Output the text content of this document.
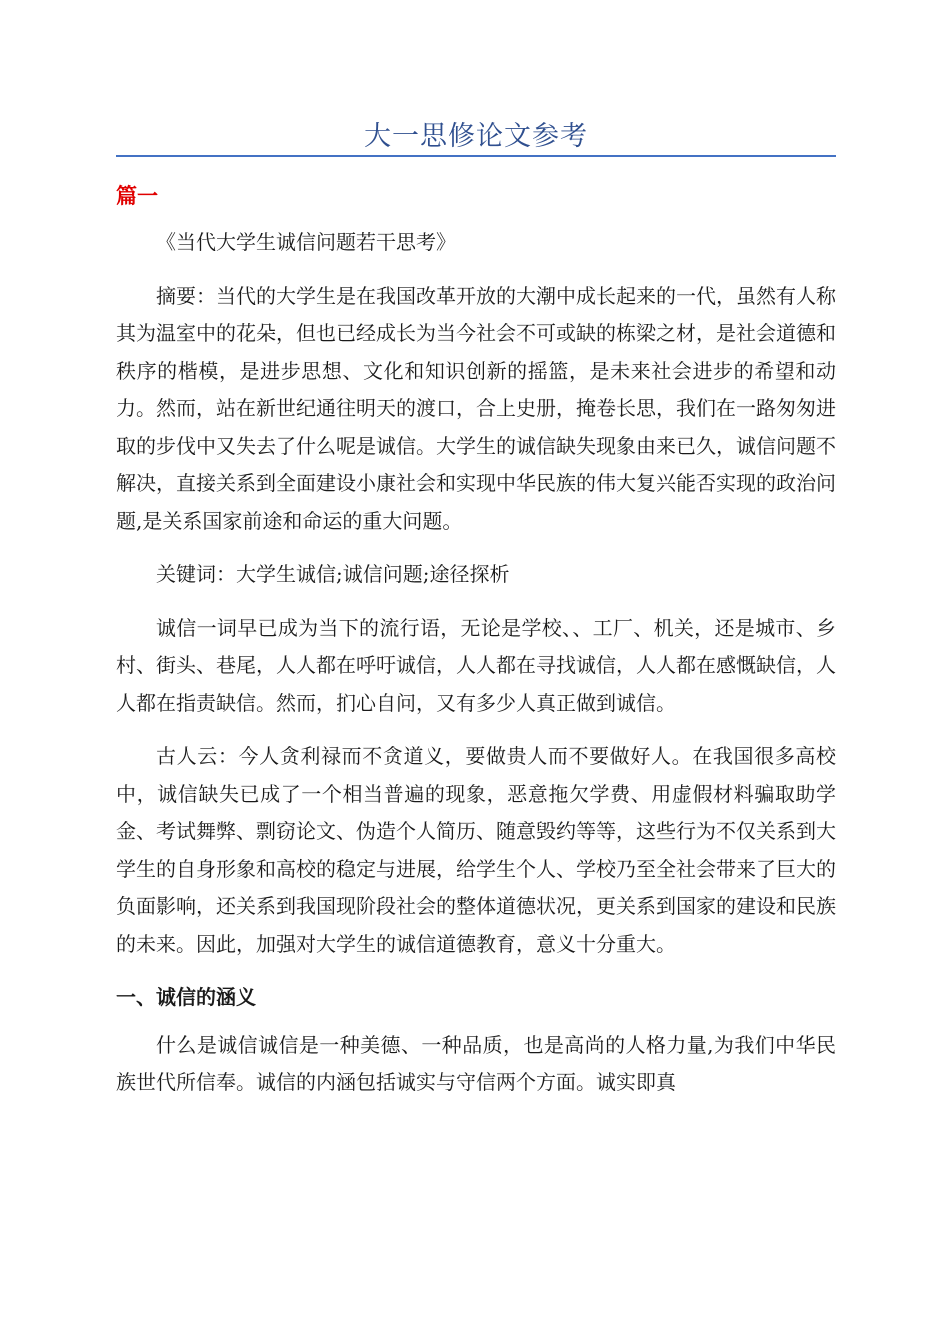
大一思修论文参考
篇一

《当代大学生诚信问题若干思考》

摘要：当代的大学生是在我国改革开放的大潮中成长起来的一代，虽然有人称其为温室中的花朵，但也已经成长为当今社会不可或缺的栋梁之材，是社会道德和秩序的楷模，是进步思想、文化和知识创新的摇篮，是未来社会进步的希望和动力。然而，站在新世纪通往明天的渡口，合上史册，掩卷长思，我们在一路匆匆进取的步伐中又失去了什么呢是诚信。大学生的诚信缺失现象由来已久，诚信问题不解决，直接关系到全面建设小康社会和实现中华民族的伟大复兴能否实现的政治问题,是关系国家前途和命运的重大问题。

关键词：大学生诚信;诚信问题;途径探析

诚信一词早已成为当下的流行语，无论是学校、、工厂、机关，还是城市、乡村、街头、巷尾，人人都在呼吁诚信，人人都在寻找诚信，人人都在感慨缺信，人人都在指责缺信。然而，扪心自问，又有多少人真正做到诚信。

古人云：今人贪利禄而不贪道义，要做贵人而不要做好人。在我国很多高校中，诚信缺失已成了一个相当普遍的现象，恶意拖欠学费、用虚假材料骗取助学金、考试舞弊、剽窃论文、伪造个人简历、随意毁约等等，这些行为不仅关系到大学生的自身形象和高校的稳定与进展，给学生个人、学校乃至全社会带来了巨大的负面影响，还关系到我国现阶段社会的整体道德状况，更关系到国家的建设和民族的未来。因此，加强对大学生的诚信道德教育，意义十分重大。

一、诚信的涵义

什么是诚信诚信是一种美德、一种品质，也是高尚的人格力量,为我们中华民族世代所信奉。诚信的内涵包括诚实与守信两个方面。诚实即真
